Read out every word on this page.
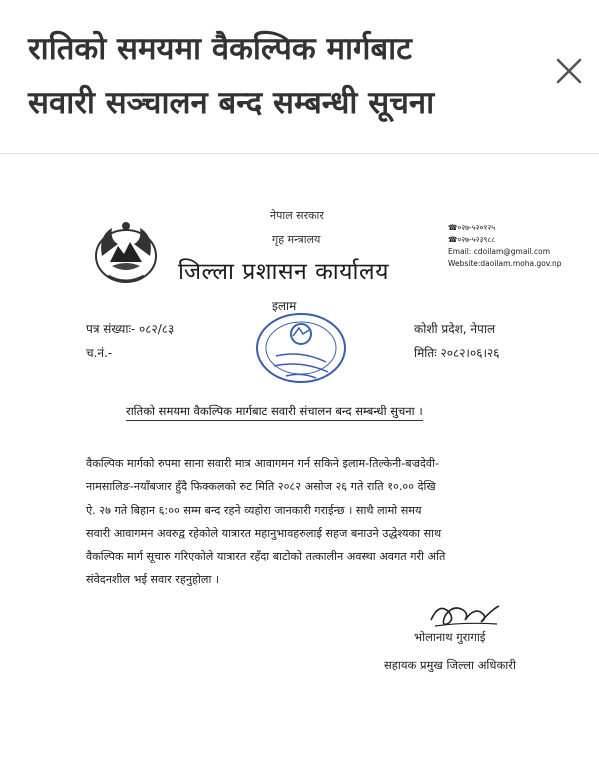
रातिको समयमा वैकल्पिक मार्गबाट
सवारी सञ्चालन बन्द सम्बन्धी सूचना
नेपाल सरकार
गृह मन्त्रालय
जिल्ला प्रशासन कार्यालय
☎०२७-५२०१२५
☎०२७-५२३९८८
Email: cdoilam@gmail.com
Website:daoilam.moha.gov.np
इलाम
पत्र संख्याः- ०८२/८३
च.नं.-
कोशी प्रदेश, नेपाल
मितिः २०८२।०६।२६
रातिको समयमा वैकल्पिक मार्गबाट सवारी संचालन बन्द सम्बन्धी सुचना ।
वैकल्पिक मार्गको रुपमा साना सवारी मात्र आवागमन गर्न सकिने इलाम-तिल्केनी-बज्रदेवी-
नामसालिङ-नयाँबजार हुँदै फिक्कलको रुट मिति २०८२ असोज २६ गते राति १०.०० देखि
ऐ. २७ गते बिहान ६:०० सम्म बन्द रहने व्यहोरा जानकारी गराईन्छ । साथै लामो समय
सवारी आवागमन अवरुद्व रहेकोले यात्रारत महानुभावहरुलाई सहज बनाउने उद्धेश्यका साथ
वैकल्पिक मार्ग सूचारु गरिएकोले यात्रारत रहँदा बाटोको तत्कालीन अवस्था अवगत गरी अति
संवेदनशील भई सवार रहनुहोला ।
भोलानाथ गुरागाई
सहायक प्रमुख जिल्ला अधिकारी
